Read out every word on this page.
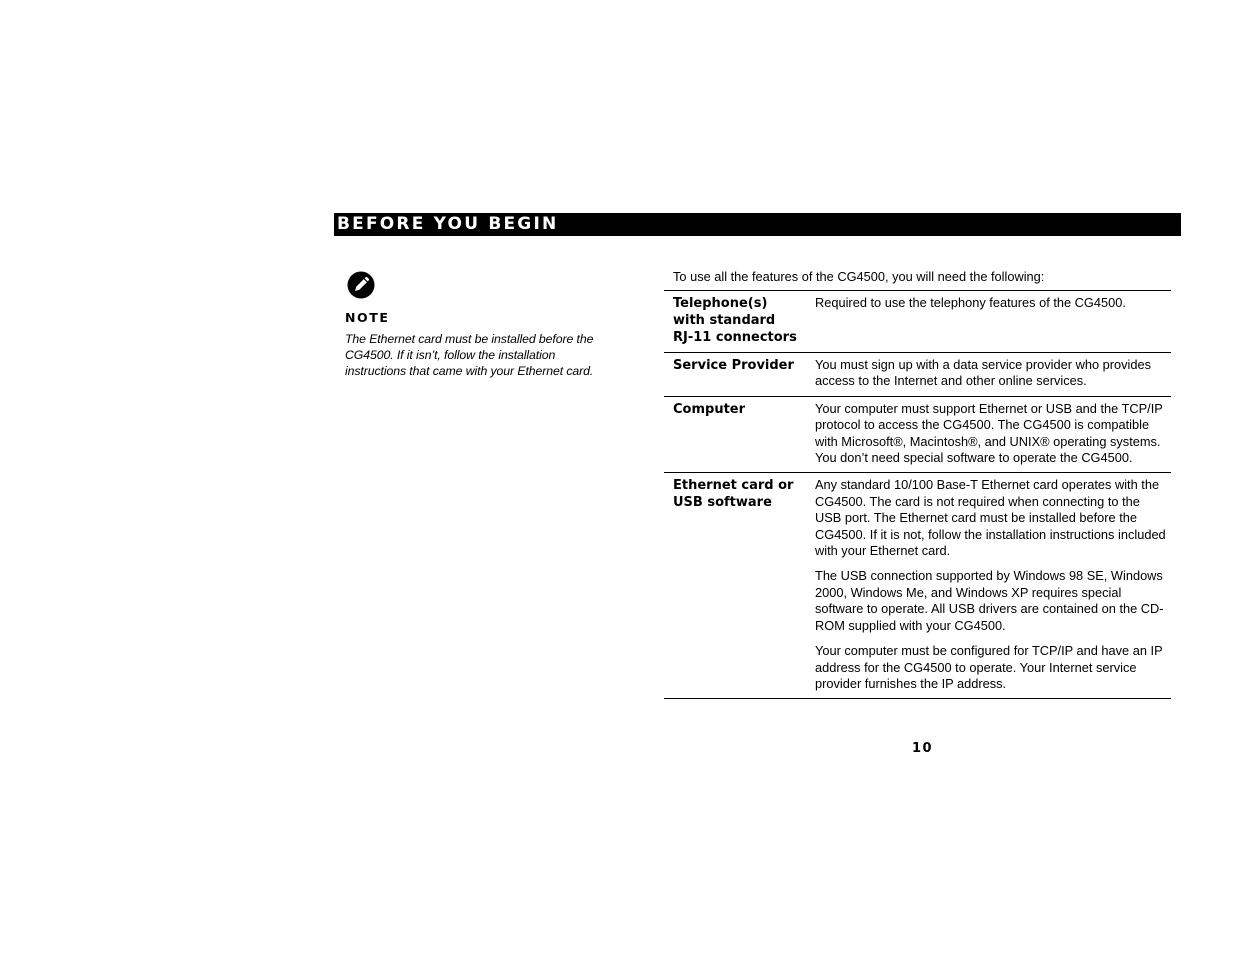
BEFORE YOU BEGIN
NOTE
The Ethernet card must be installed before the CG4500. If it isn’t, follow the installation instructions that came with your Ethernet card.
To use all the features of the CG4500, you will need the following:
Telephone(s)
with standard
RJ-11 connectors

Required to use the telephony features of the CG4500.

Service Provider	You must sign up with a data service provider who provides access to the Internet and other online services.

Computer	Your computer must support Ethernet or USB and the TCP/IP protocol to access the CG4500. The CG4500 is compatible with Microsoft®, Macintosh®, and UNIX® operating systems. You don’t need special software to operate the CG4500.

Ethernet card or
USB software

Any standard 10/100 Base-T Ethernet card operates with the CG4500. The card is not required when connecting to the USB port. The Ethernet card must be installed before the CG4500. If it is not, follow the installation instructions included with your Ethernet card.

The USB connection supported by Windows 98 SE, Windows 2000, Windows Me, and Windows XP requires special software to operate. All USB drivers are contained on the CD-ROM supplied with your CG4500.

Your computer must be configured for TCP/IP and have an IP address for the CG4500 to operate. Your Internet service provider furnishes the IP address.

10
